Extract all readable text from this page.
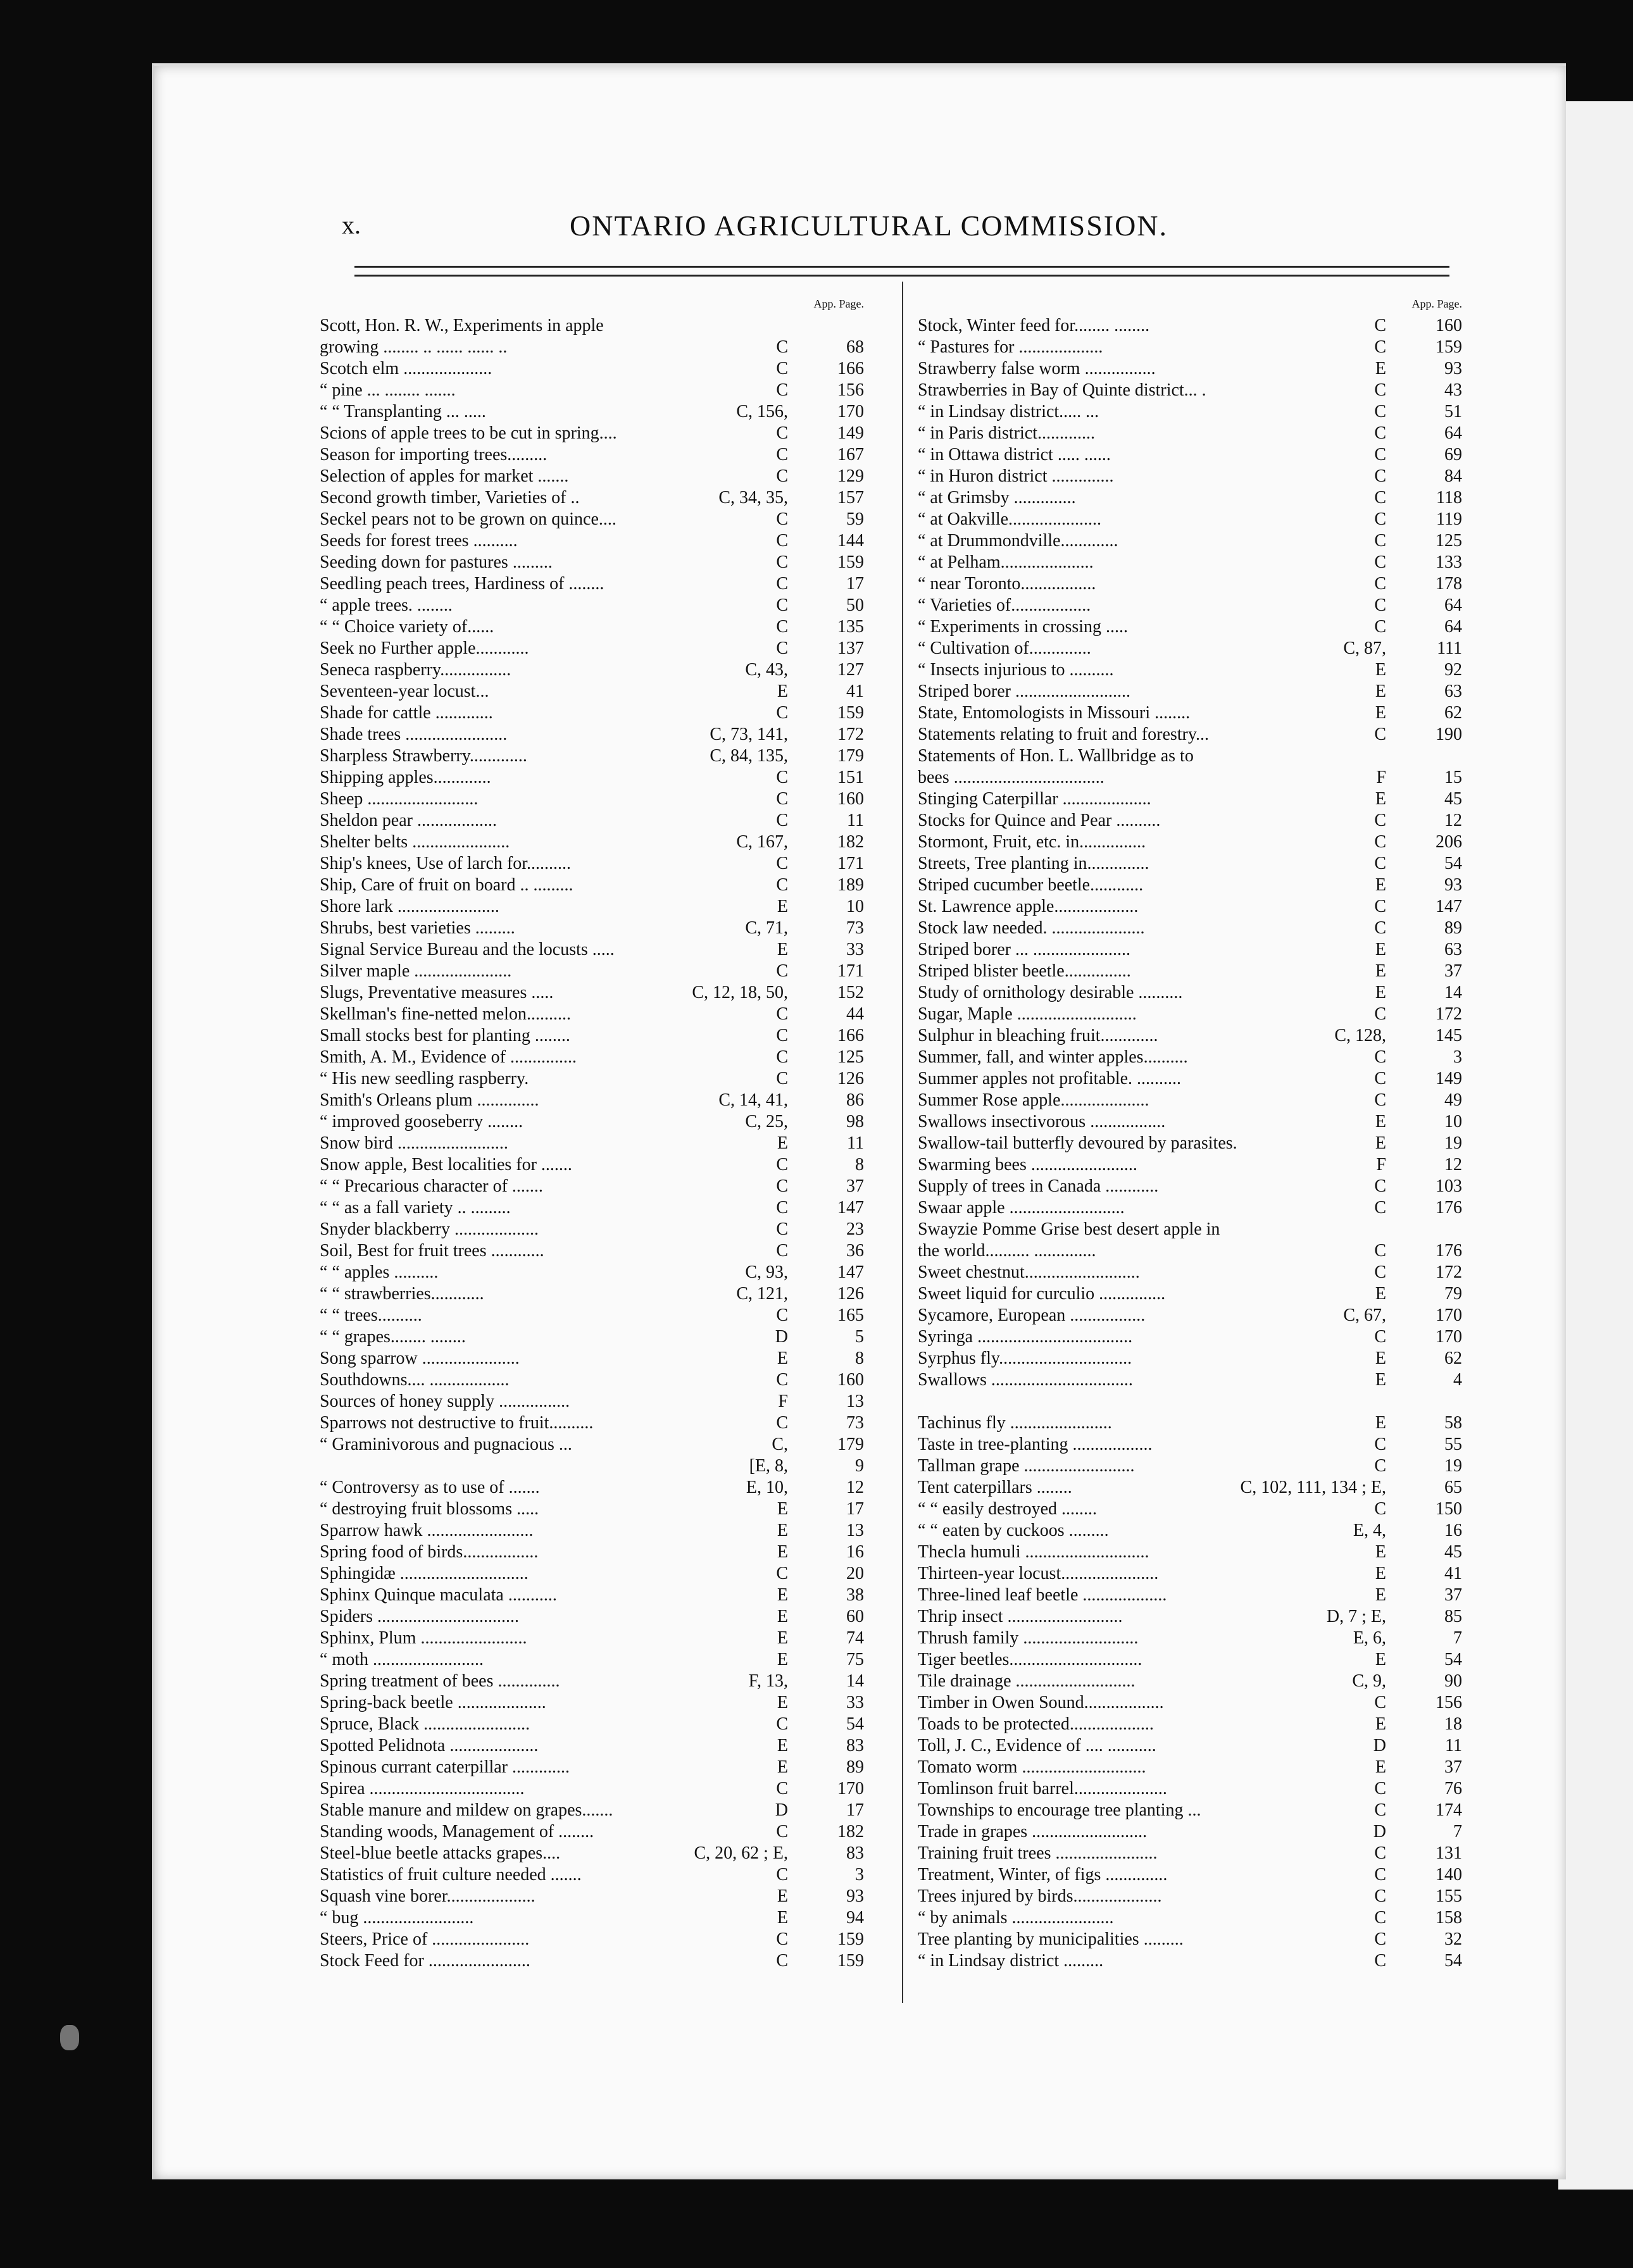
x.	ONTARIO AGRICULTURAL COMMISSION.
App. Page.
Scott, Hon. R. W., Experiments in apple
growing ........ .. ...... ...... ..	C	68
Scotch elm ....................	C	166
“ pine ... ........ .......	C	156
“ “ Transplanting ... .....	C, 156,	170
Scions of apple trees to be cut in spring....	C	149
Season for importing trees.........	C	167
Selection of apples for market .......	C	129
Second growth timber, Varieties of ..	C, 34, 35,	157
Seckel pears not to be grown on quince....	C	59
Seeds for forest trees ..........	C	144
Seeding down for pastures .........	C	159
Seedling peach trees, Hardiness of ........	C	17
“ apple trees. ........	C	50
“ “ Choice variety of......	C	135
Seek no Further apple............	C	137
Seneca raspberry................	C, 43,	127
Seventeen-year locust...	E	41
Shade for cattle .............	C	159
Shade trees .......................	C, 73, 141,	172
Sharpless Strawberry.............	C, 84, 135,	179
Shipping apples.............	C	151
Sheep .........................	C	160
Sheldon pear ..................	C	11
Shelter belts ......................	C, 167,	182
Ship's knees, Use of larch for..........	C	171
Ship, Care of fruit on board .. .........	C	189
Shore lark .......................	E	10
Shrubs, best varieties .........	C, 71,	73
Signal Service Bureau and the locusts .....	E	33
Silver maple ......................	C	171
Slugs, Preventative measures .....	C, 12, 18, 50,	152
Skellman's fine-netted melon..........	C	44
Small stocks best for planting ........	C	166
Smith, A. M., Evidence of ...............	C	125
“ His new seedling raspberry.	C	126
Smith's Orleans plum ..............	C, 14, 41,	86
“ improved gooseberry ........	C, 25,	98
Snow bird .........................	E	11
Snow apple, Best localities for .......	C	8
“ “ Precarious character of .......	C	37
“ “ as a fall variety .. .........	C	147
Snyder blackberry ...................	C	23
Soil, Best for fruit trees ............	C	36
“ “ apples ..........	C, 93,	147
“ “ strawberries............	C, 121,	126
“ “ trees..........	C	165
“ “ grapes........ ........	D	5
Song sparrow ......................	E	8
Southdowns.... ..................	C	160
Sources of honey supply ................	F	13
Sparrows not destructive to fruit..........	C	73
“ Graminivorous and pugnacious ...	C,	179
[E, 8,	9
“ Controversy as to use of .......	E, 10,	12
“ destroying fruit blossoms .....	E	17
Sparrow hawk ........................	E	13
Spring food of birds.................	E	16
Sphingidæ .............................	C	20
Sphinx Quinque maculata ...........	E	38
Spiders ................................	E	60
Sphinx, Plum ........................	E	74
“ moth .........................	E	75
Spring treatment of bees ..............	F, 13,	14
Spring-back beetle ....................	E	33
Spruce, Black ........................	C	54
Spotted Pelidnota ....................	E	83
Spinous currant caterpillar .............	E	89
Spirea ...................................	C	170
Stable manure and mildew on grapes.......	D	17
Standing woods, Management of ........	C	182
Steel-blue beetle attacks grapes....	C, 20, 62 ; E,	83
Statistics of fruit culture needed .......	C	3
Squash vine borer....................	E	93
“ bug .........................	E	94
Steers, Price of ......................	C	159
Stock Feed for .......................	C	159
App. Page.
Stock, Winter feed for........ ........	C	160
“ Pastures for ...................	C	159
Strawberry false worm ................	E	93
Strawberries in Bay of Quinte district... .	C	43
“ in Lindsay district..... ...	C	51
“ in Paris district.............	C	64
“ in Ottawa district ..... ......	C	69
“ in Huron district ..............	C	84
“ at Grimsby ..............	C	118
“ at Oakville.....................	C	119
“ at Drummondville.............	C	125
“ at Pelham.....................	C	133
“ near Toronto.................	C	178
“ Varieties of..................	C	64
“ Experiments in crossing .....	C	64
“ Cultivation of..............	C, 87,	111
“ Insects injurious to ..........	E	92
Striped borer ..........................	E	63
State, Entomologists in Missouri ........	E	62
Statements relating to fruit and forestry...	C	190
Statements of Hon. L. Wallbridge as to
bees ..................................	F	15
Stinging Caterpillar ....................	E	45
Stocks for Quince and Pear ..........	C	12
Stormont, Fruit, etc. in...............	C	206
Streets, Tree planting in..............	C	54
Striped cucumber beetle............	E	93
St. Lawrence apple...................	C	147
Stock law needed. .....................	C	89
Striped borer ... ......................	E	63
Striped blister beetle...............	E	37
Study of ornithology desirable ..........	E	14
Sugar, Maple ...........................	C	172
Sulphur in bleaching fruit.............	C, 128,	145
Summer, fall, and winter apples..........	C	3
Summer apples not profitable. ..........	C	149
Summer Rose apple....................	C	49
Swallows insectivorous .................	E	10
Swallow-tail butterfly devoured by parasites.	E	19
Swarming bees ........................	F	12
Supply of trees in Canada ............	C	103
Swaar apple ..........................	C	176
Swayzie Pomme Grise best desert apple in
the world.......... ..............	C	176
Sweet chestnut..........................	C	172
Sweet liquid for curculio ...............	E	79
Sycamore, European .................	C, 67,	170
Syringa ...................................	C	170
Syrphus fly..............................	E	62
Swallows ................................	E	4
Tachinus fly .......................	E	58
Taste in tree-planting ..................	C	55
Tallman grape .........................	C	19
Tent caterpillars ........	C, 102, 111, 134 ; E,	65
“ “ easily destroyed ........	C	150
“ “ eaten by cuckoos .........	E, 4,	16
Thecla humuli ............................	E	45
Thirteen-year locust......................	E	41
Three-lined leaf beetle ...................	E	37
Thrip insect ..........................	D, 7 ; E,	85
Thrush family ..........................	E, 6,	7
Tiger beetles..............................	E	54
Tile drainage ...........................	C, 9,	90
Timber in Owen Sound..................	C	156
Toads to be protected...................	E	18
Toll, J. C., Evidence of .... ...........	D	11
Tomato worm ............................	E	37
Tomlinson fruit barrel.....................	C	76
Townships to encourage tree planting ...	C	174
Trade in grapes ..........................	D	7
Training fruit trees .......................	C	131
Treatment, Winter, of figs ..............	C	140
Trees injured by birds....................	C	155
“ by animals .......................	C	158
Tree planting by municipalities .........	C	32
“ in Lindsay district .........	C	54
